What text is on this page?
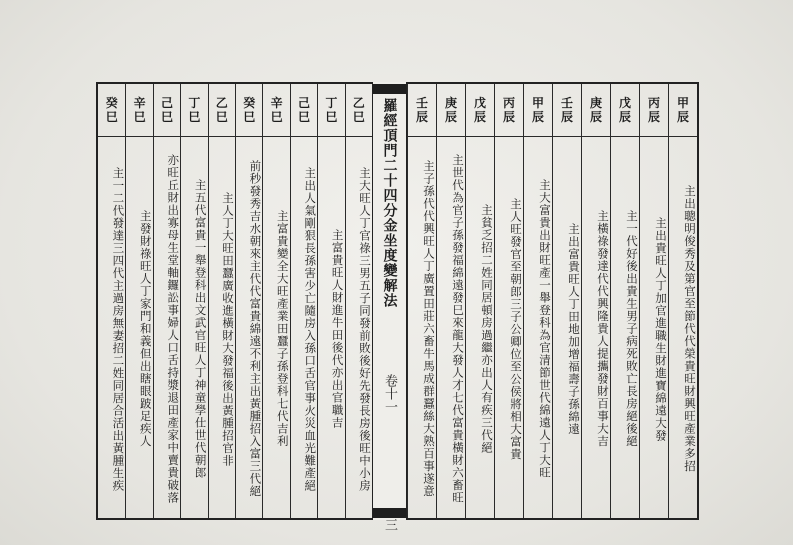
羅經頂門二十四分金坐度變解法
卷十一
三
甲
辰
主出聰明俊秀及第官至節代代榮貴旺財興旺產業多招
丙
辰
主出貴旺人丁加官進職生財進寶綿遠大發
戊
辰
主一代好後出貴生男子病死敗亡長房絕後絕
庚
辰
主橫祿發達代代興隆貴人提攜發財百事大吉
壬
辰
主出富貴旺人丁田地加增福壽子孫綿遠
甲
辰
主大富貴出財旺產一舉登科為官清節世代綿遠人丁大旺
丙
辰
主人旺發官至朝郎三子公卿位至公侯將相大富貴
戊
辰
主貧乏招二姓同居頓房過繼亦出人有疾三代絕
庚
辰
主世代為官子孫發福綿遠發巳來龍大發人才七代富貴橫財六畜旺
壬
辰
主子孫代代興旺人丁廣置田莊六畜牛馬成群蠶絲大熟百事遂意
乙
巳
主大旺人丁官祿三男五子同發前敗後好先發長房後旺中小房
丁
巳
主富貴旺人財進牛田後代亦出官職吉
己
巳
主出人氣剛狠長孫害少亡隨房入孫口舌官事火災血光難產絕
辛
巳
主富貴變全大旺產業田蠶子孫登科七代吉利
癸
巳
前秒發秀吉水朝來主代代富貴綿遠不利主出黃腫招入富三代絕
乙
巳
主人丁大旺田蠶廣收進橫財大發福後出黃腫招官非
丁
巳
主五代富貴一舉登科出文武官旺人丁神童學仕世代朝郎
己
巳
亦旺丘財出寡母生堂軸鑼訟事婦人口舌持漿退田產家中賣貴破落
辛
巳
主發財祿旺人丁家門和義但出瞎眼跛足疾人
癸
巳
主一二代發達三四代主過房無妻招二姓同居合活出黃腫生疾
